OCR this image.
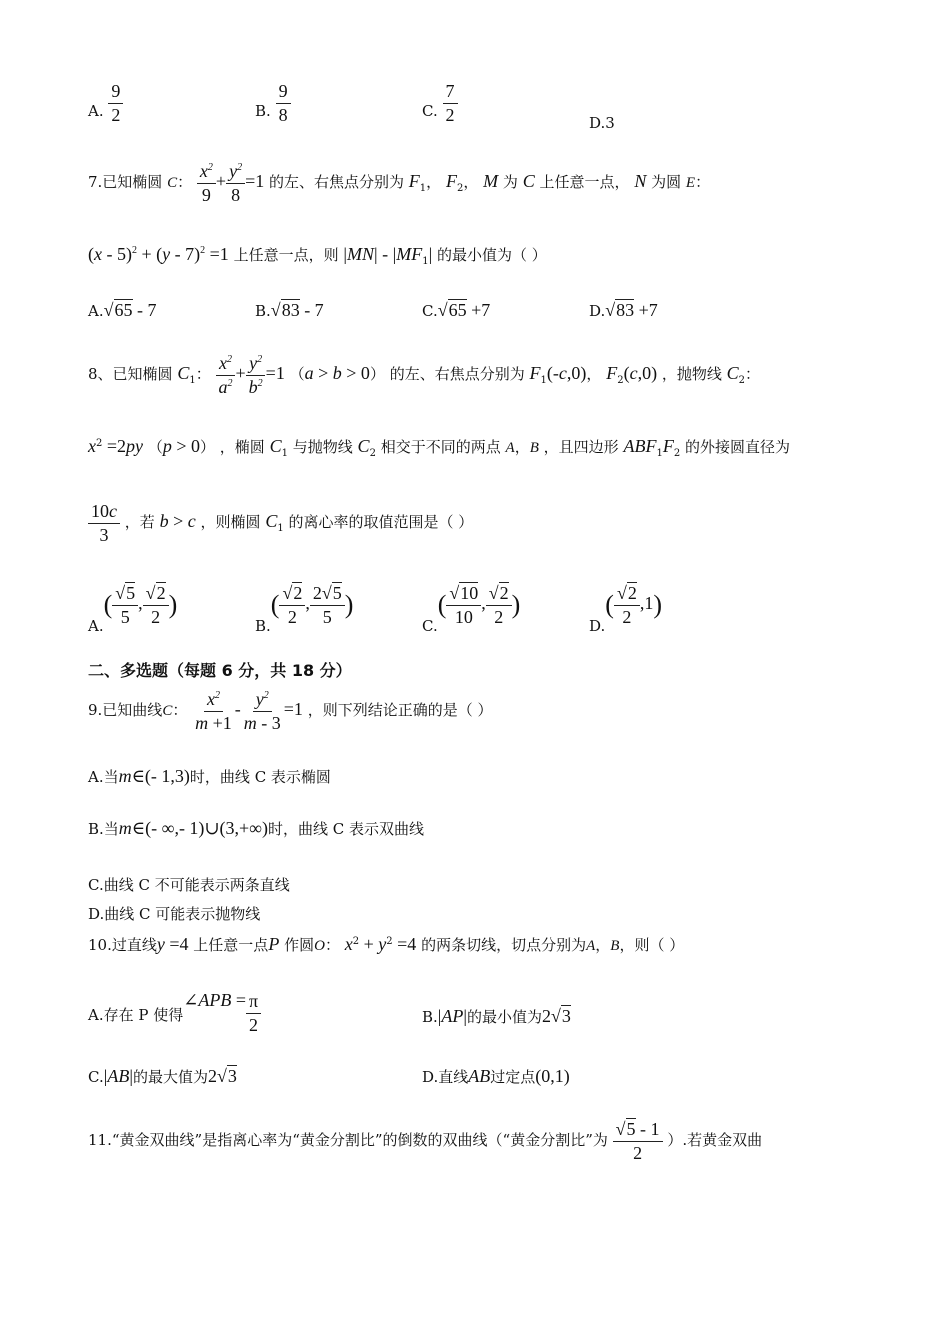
A. $\frac{9}{2}$	B. $\frac{9}{8}$	C. $\frac{7}{2}$	D.3
7.已知椭圆 C： $\frac{x^2}{9} + \frac{y^2}{8} =1$ 的左、右焦点分别为 $F_1$， $F_2$， M 为 C 上任意一点， N 为圆 E：
(x - 5)$^2$ + (y - 7)$^2$ =1 上任意一点，则 $|MN| - |MF_1|$ 的最小值为（ ）
A.√65 - 7	B.√83 - 7	C.√65 +7	D.√83 +7
8、已知椭圆 $C_1$： $\frac{x^2}{a^2} + \frac{y^2}{b^2} =1$ （a > b > 0） 的左、右焦点分别为 $F_1(-c,0)$， $F_2(c,0)$ ，抛物线 $C_2$：
$x^2 =2py$ （p > 0） ，椭圆 $C_1$ 与抛物线 $C_2$ 相交于不同的两点 A，B ，且四边形 $ABF_1F_2$ 的外接圆直径为
$\frac{10c}{3}$ ，若 b > c ，则椭圆 $C_1$ 的离心率的取值范围是（ ）
$A.( \frac{√5}{5}$ , $\frac{√2}{2}$ )
$B.( \frac{√2}{2}$ , $\frac{2√5}{5}$ )
$C.( \frac{√10}{10}$ , $\frac{√2}{2}$ )
$D.( \frac{√2}{2} ,1)$
二、多选题（每题 6 分，共 18 分）
9.已知曲线C： $\frac{x^2}{m +1} - \frac{y^2}{m - 3} =1$ ，则下列结论正确的是（ ）
A.当m∈(- 1,3)时，曲线 C 表示椭圆
B.当m∈(- ∞,- 1)∪(3,+∞)时，曲线 C 表示双曲线
C.曲线 C 不可能表示两条直线
D.曲线 C 可能表示抛物线
10.过直线y =4 上任意一点P 作圆O： $x^2 + y^2 =4$ 的两条切线，切点分别为A，B，则（ ）
A.存在 P 使得∠APB = $\frac{\pi}{2}$	B.|AP|的最小值为2√3
C.|AB|的最大值为2√3	D.直线AB过定点(0,1)
11.“黄金双曲线”是指离心率为“黄金分割比”的倒数的双曲线（“黄金分割比”为 $\frac{√5 - 1}{2}$ ）.若黄金双曲
